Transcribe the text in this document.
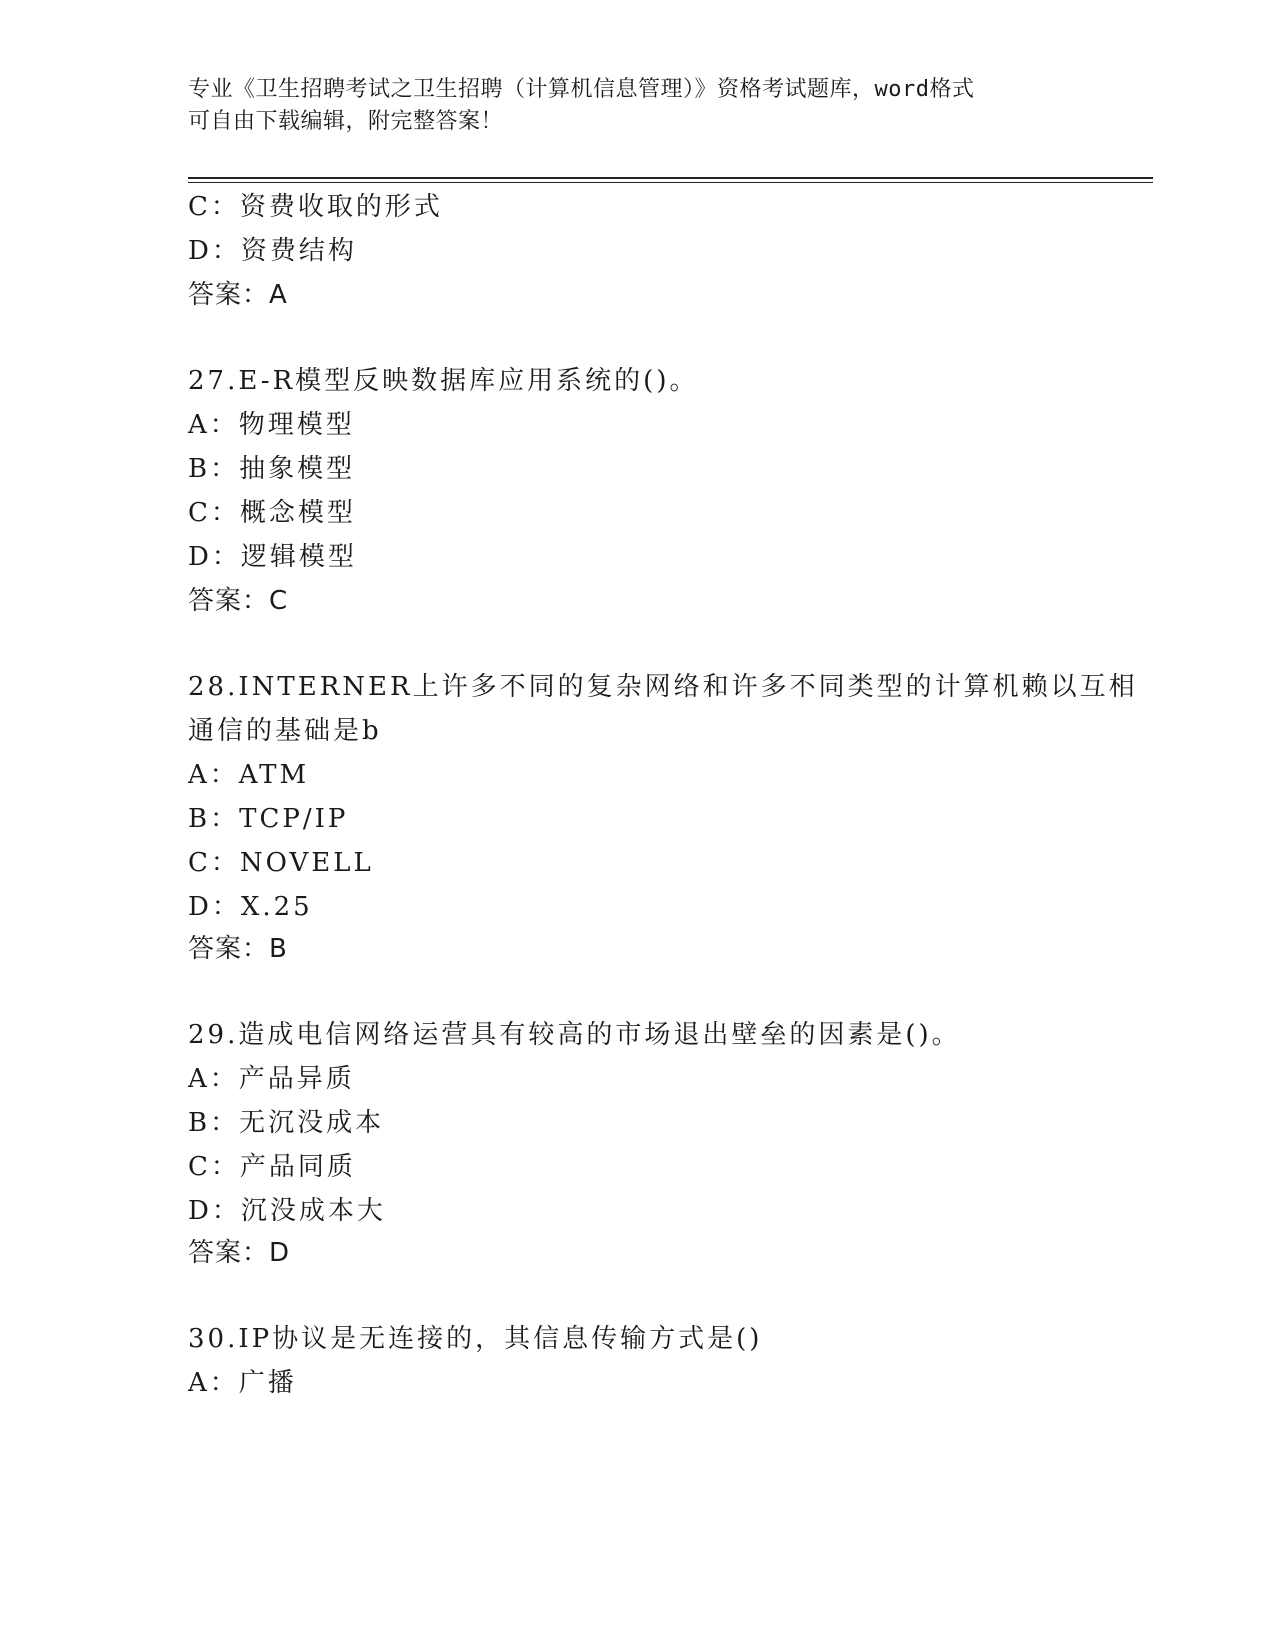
专业《卫生招聘考试之卫生招聘（计算机信息管理）》资格考试题库，word格式
可自由下载编辑，附完整答案！
C：资费收取的形式
D：资费结构
答案：A
27.E-R模型反映数据库应用系统的()。
A：物理模型
B：抽象模型
C：概念模型
D：逻辑模型
答案：C
28.INTERNER上许多不同的复杂网络和许多不同类型的计算机赖以互相
通信的基础是b
A：ATM
B：TCP/IP
C：NOVELL
D：X.25
答案：B
29.造成电信网络运营具有较高的市场退出壁垒的因素是()。
A：产品异质
B：无沉没成本
C：产品同质
D：沉没成本大
答案：D
30.IP协议是无连接的，其信息传输方式是()
A：广播
